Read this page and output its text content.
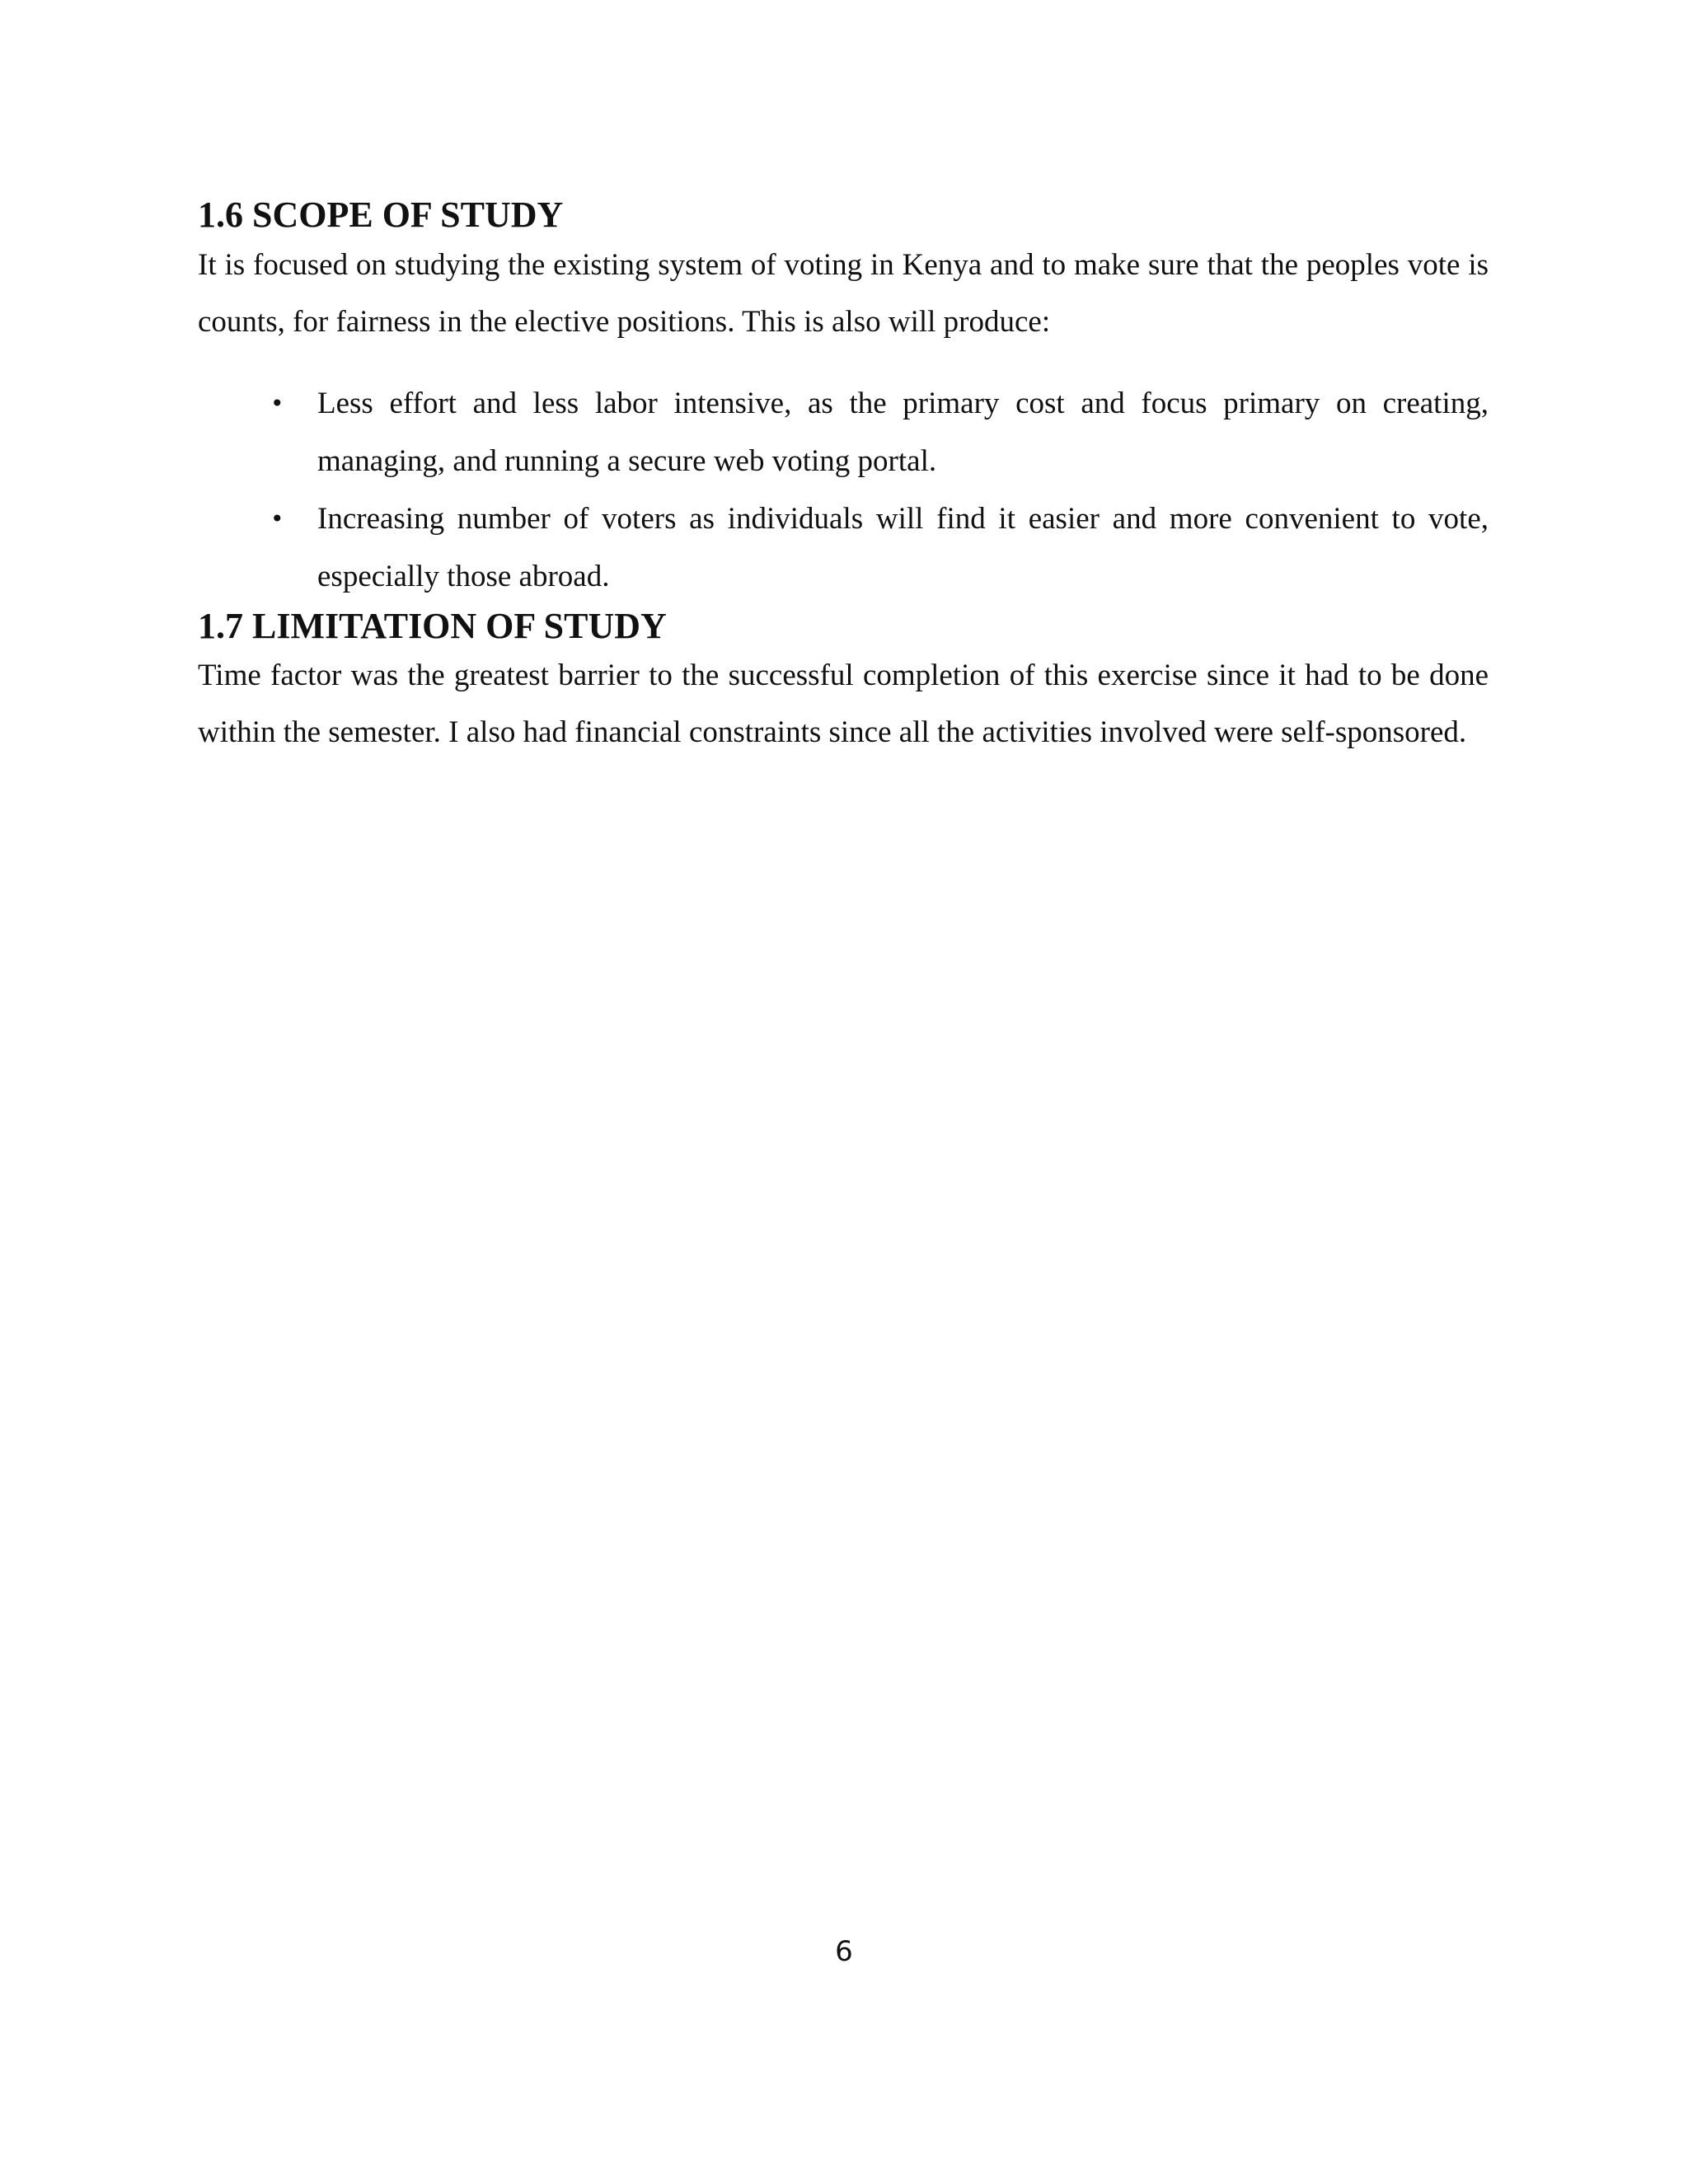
1.6 SCOPE OF STUDY

It is focused on studying the existing system of voting in Kenya and to make sure that the peoples vote is counts, for fairness in the elective positions. This is also will produce:

• Less effort and less labor intensive, as the primary cost and focus primary on creating, managing, and running a secure web voting portal.
• Increasing number of voters as individuals will find it easier and more convenient to vote, especially those abroad.
1.7 LIMITATION OF STUDY

Time factor was the greatest barrier to the successful completion of this exercise since it had to be done within the semester. I also had financial constraints since all the activities involved were self-sponsored.

6
